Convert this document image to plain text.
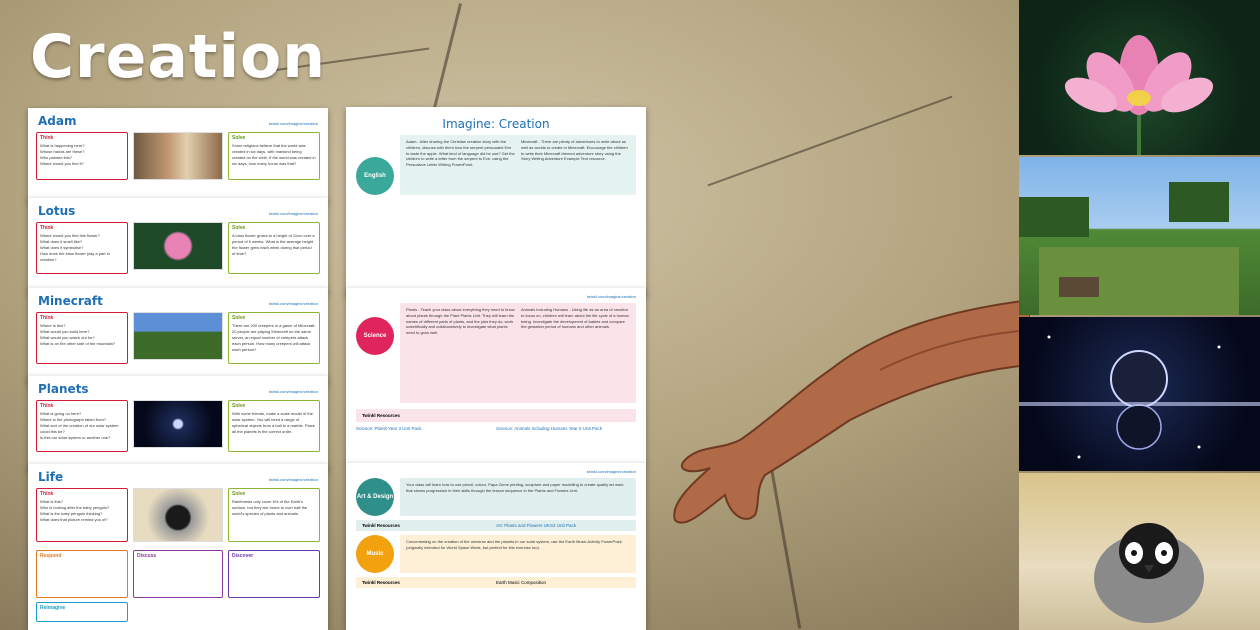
Creation
Adam	twinkl.com/imagine/creation
Think
What is happening here?
Whose hands are these?
Who painted this?
Where would you find it?
Solve
Some religions believe that the world was created in six days, with mankind being created on the sixth. If the world was created in six days, how many hours was that?
Lotus	twinkl.com/imagine/creation
Think
Where would you find this flower?
What does it smell like?
What does it symbolise?
How does the lotus flower play a part in creation?
Solve
A lotus flower grows to a height of 11cm over a period of 5 weeks. What is the average height the flower grew each week during that period of time?
Minecraft	twinkl.com/imagine/creation
Think
Where is this?
What would you build here?
What would you watch out for?
What is on the other side of the mountain?
Solve
There are 200 creepers in a game of Minecraft. 20 people are playing Minecraft on the same server, an equal number of creepers attack each person. How many creepers will attack each person?
Planets	twinkl.com/imagine/creation
Think
What is going on here?
Where is the photograph taken from?
What sort of the creation of our solar system could this be?
Is this our solar system or another one?
Solve
With some friends, make a scale model of the solar system. You will need a range of spherical objects from a ball to a marble. Place all the planets in the correct order.
Life	twinkl.com/imagine/creation
Think
What is this?
Who is looking after the baby penguin?
What is the baby penguin thinking?
What does that picture remind you of?
Solve
Rainforests only cover 6% of the Earth's surface, but they are home to over half the world's species of plants and animals.
Respond	Discuss	Discover
Reimagine
Imagine: Creation
English

Adam - After sharing the Christian creation story with the children, discuss with them how the serpent persuaded Eve to taste the apple. What kind of language did he use? Get the children to write a letter from the serpent to Eve, using the Persuasive Letter Writing PowerPoint.

Minecraft - There are plenty of adventures to write about as well as worlds to create in Minecraft. Encourage the children to write their Minecraft themed adventure story using the Story Writing Adventure Example Text resource.

twinkl.com/imagine/creation
Science

Plants - Teach your class about everything they need to know about plants through the Plant Plants Unit. They will learn the names of different parts of plants, and the jobs they do, work scientifically and collaboratively to investigate what plants need to grow well.

Animals including Humans - Using life as an area of creation to focus on, children will learn about the life cycle of a human being. Investigate the development of babies and compare the gestation period of humans and other animals.

Twinkl Resources
Science: Plants Year 3 Unit Pack	Science: Animals Including Humans Year 5 Unit Pack
twinkl.com/imagine/creation
Art & Design

Your class will learn how to use pencil, colour, Papa Zome printing, sculpture and paper modelling to create quality art work that shows progression in their skills through the lesson sequence in the Plants and Flowers Unit.

Twinkl Resources	Art: Plants and Flowers UKS2 Unit Pack
Music

Concentrating on the creation of the universe and the planets in our solar system, use the Earth Music Activity PowerPoint (originally intended for World Space Week, but perfect for this exercise too).

Twinkl Resources	Earth Music Composition
